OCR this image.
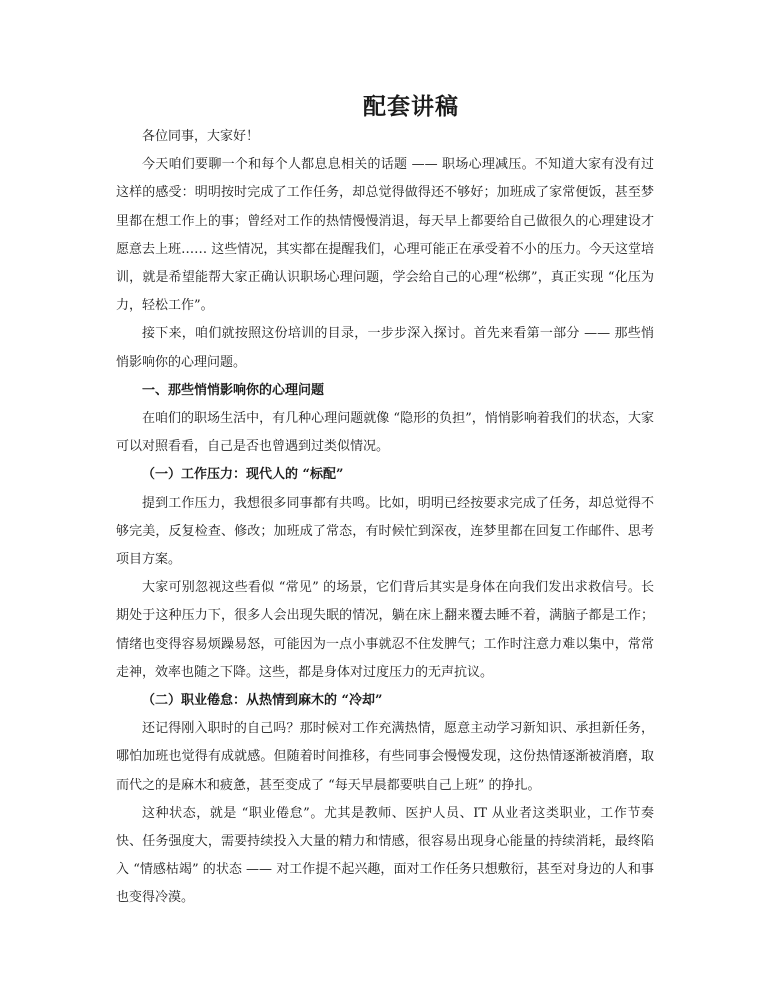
配套讲稿

各位同事，大家好！

今天咱们要聊一个和每个人都息息相关的话题 —— 职场心理减压。不知道大家有没有过这样的感受：明明按时完成了工作任务，却总觉得做得还不够好；加班成了家常便饭，甚至梦里都在想工作上的事；曾经对工作的热情慢慢消退，每天早上都要给自己做很久的心理建设才愿意去上班…… 这些情况，其实都在提醒我们，心理可能正在承受着不小的压力。今天这堂培训，就是希望能帮大家正确认识职场心理问题，学会给自己的心理“松绑”，真正实现 “化压为力，轻松工作”。

接下来，咱们就按照这份培训的目录，一步步深入探讨。首先来看第一部分 —— 那些悄悄影响你的心理问题。

一、那些悄悄影响你的心理问题

在咱们的职场生活中，有几种心理问题就像 “隐形的负担”，悄悄影响着我们的状态，大家可以对照看看，自己是否也曾遇到过类似情况。

（一）工作压力：现代人的 “标配”

提到工作压力，我想很多同事都有共鸣。比如，明明已经按要求完成了任务，却总觉得不够完美，反复检查、修改；加班成了常态，有时候忙到深夜，连梦里都在回复工作邮件、思考项目方案。

大家可别忽视这些看似 “常见” 的场景，它们背后其实是身体在向我们发出求救信号。长期处于这种压力下，很多人会出现失眠的情况，躺在床上翻来覆去睡不着，满脑子都是工作；情绪也变得容易烦躁易怒，可能因为一点小事就忍不住发脾气；工作时注意力难以集中，常常走神，效率也随之下降。这些，都是身体对过度压力的无声抗议。

（二）职业倦怠：从热情到麻木的 “冷却”

还记得刚入职时的自己吗？那时候对工作充满热情，愿意主动学习新知识、承担新任务，哪怕加班也觉得有成就感。但随着时间推移，有些同事会慢慢发现，这份热情逐渐被消磨，取而代之的是麻木和疲惫，甚至变成了 “每天早晨都要哄自己上班” 的挣扎。

这种状态，就是 “职业倦怠”。尤其是教师、医护人员、IT 从业者这类职业，工作节奏快、任务强度大，需要持续投入大量的精力和情感，很容易出现身心能量的持续消耗，最终陷入 “情感枯竭” 的状态 —— 对工作提不起兴趣，面对工作任务只想敷衍，甚至对身边的人和事也变得冷漠。
